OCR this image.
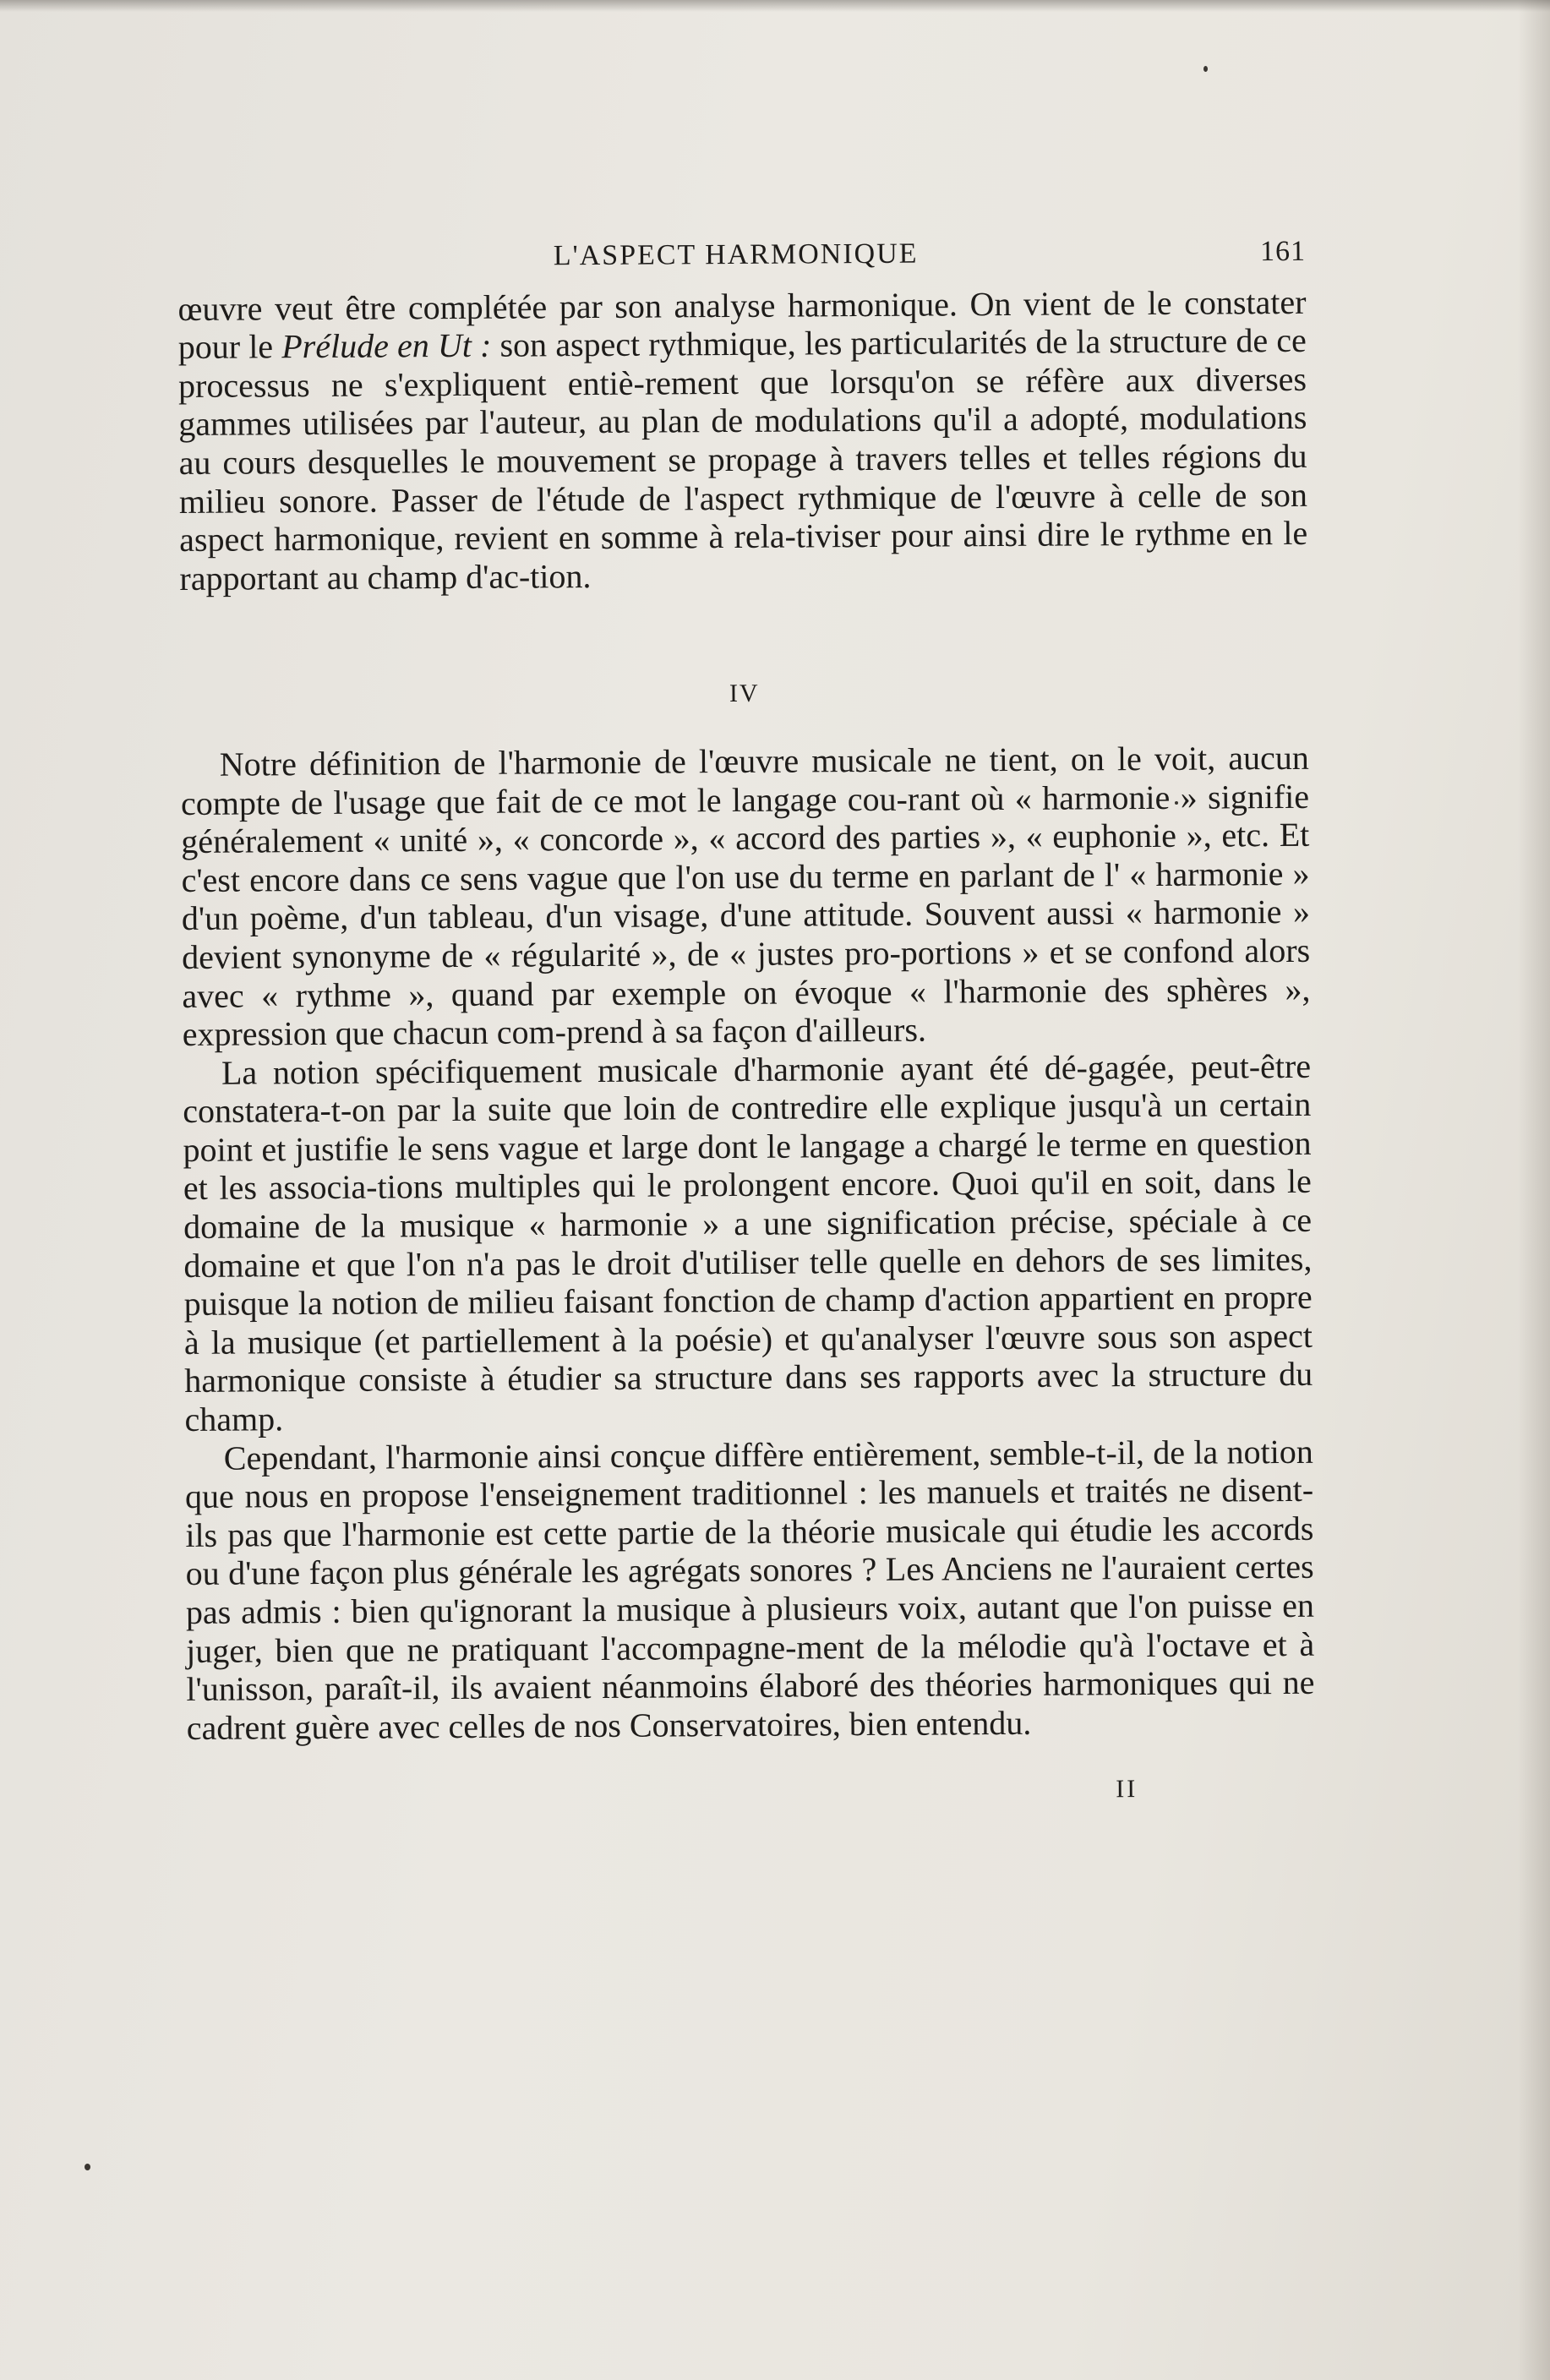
L'ASPECT HARMONIQUE	161

œuvre veut être complétée par son analyse harmonique. On vient de le constater pour le Prélude en Ut : son aspect rythmique, les particularités de la structure de ce processus ne s'expliquent entiè-rement que lorsqu'on se réfère aux diverses gammes utilisées par l'auteur, au plan de modulations qu'il a adopté, modulations au cours desquelles le mouvement se propage à travers telles et telles régions du milieu sonore. Passer de l'étude de l'aspect rythmique de l'œuvre à celle de son aspect harmonique, revient en somme à rela-tiviser pour ainsi dire le rythme en le rapportant au champ d'ac-tion.

IV

Notre définition de l'harmonie de l'œuvre musicale ne tient, on le voit, aucun compte de l'usage que fait de ce mot le langage cou-rant où « harmonie » signifie généralement « unité », « concorde », « accord des parties », « euphonie », etc. Et c'est encore dans ce sens vague que l'on use du terme en parlant de l' « harmonie » d'un poème, d'un tableau, d'un visage, d'une attitude. Souvent aussi « harmonie » devient synonyme de « régularité », de « justes pro-portions » et se confond alors avec « rythme », quand par exemple on évoque « l'harmonie des sphères », expression que chacun com-prend à sa façon d'ailleurs.

La notion spécifiquement musicale d'harmonie ayant été dé-gagée, peut-être constatera-t-on par la suite que loin de contredire elle explique jusqu'à un certain point et justifie le sens vague et large dont le langage a chargé le terme en question et les associa-tions multiples qui le prolongent encore. Quoi qu'il en soit, dans le domaine de la musique « harmonie » a une signification précise, spéciale à ce domaine et que l'on n'a pas le droit d'utiliser telle quelle en dehors de ses limites, puisque la notion de milieu faisant fonction de champ d'action appartient en propre à la musique (et partiellement à la poésie) et qu'analyser l'œuvre sous son aspect harmonique consiste à étudier sa structure dans ses rapports avec la structure du champ.

Cependant, l'harmonie ainsi conçue diffère entièrement, semble-t-il, de la notion que nous en propose l'enseignement traditionnel : les manuels et traités ne disent-ils pas que l'harmonie est cette partie de la théorie musicale qui étudie les accords ou d'une façon plus générale les agrégats sonores ? Les Anciens ne l'auraient certes pas admis : bien qu'ignorant la musique à plusieurs voix, autant que l'on puisse en juger, bien que ne pratiquant l'accompagne-ment de la mélodie qu'à l'octave et à l'unisson, paraît-il, ils avaient néanmoins élaboré des théories harmoniques qui ne cadrent guère avec celles de nos Conservatoires, bien entendu.

II
